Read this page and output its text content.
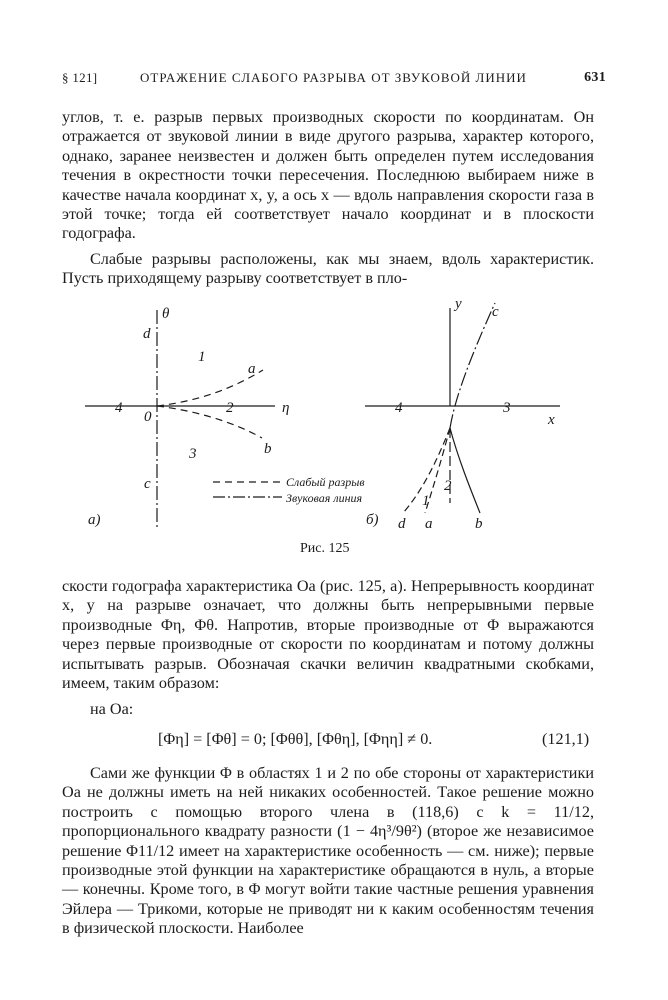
§ 121]	ОТРАЖЕНИЕ СЛАБОГО РАЗРЫВА ОТ ЗВУКОВОЙ ЛИНИИ	631

углов, т. е. разрыв первых производных скорости по координатам. Он отражается от звуковой линии в виде другого разрыва, характер которого, однако, заранее неизвестен и должен быть определен путем исследования течения в окрестности точки пересечения. Последнюю выбираем ниже в качестве начала координат x, y, а ось x — вдоль направления скорости газа в этой точке; тогда ей соответствует начало координат и в плоскости годографа.

Слабые разрывы расположены, как мы знаем, вдоль характеристик. Пусть приходящему разрыву соответствует в пло-

θ
d
1
a
4
0
2	η
b
3
c
а)
Слабый разрыв
Звуковая линия
y c
4	3
x
1
2
d a	b
б)
Рис. 125

скости годографа характеристика Oa (рис. 125, a). Непрерывность координат x, y на разрыве означает, что должны быть непрерывными первые производные Φη, Φθ. Напротив, вторые производные от Φ выражаются через первые производные от скорости по координатам и потому должны испытывать разрыв. Обозначая скачки величин квадратными скобками, имеем, таким образом:

на Oa:
[Φη] = [Φθ] = 0; [Φθθ], [Φθη], [Φηη] ≠ 0.	(121,1)

Сами же функции Φ в областях 1 и 2 по обе стороны от характеристики Oa не должны иметь на ней никаких особенностей. Такое решение можно построить с помощью второго члена в (118,6) с k = 11/12, пропорционального квадрату разности (1 − 4η³/9θ²) (второе же независимое решение Φ11/12 имеет на характеристике особенность — см. ниже); первые производные этой функции на характеристике обращаются в нуль, а вторые — конечны. Кроме того, в Φ могут войти такие частные решения уравнения Эйлера — Трикоми, которые не приводят ни к каким особенностям течения в физической плоскости. Наиболее
